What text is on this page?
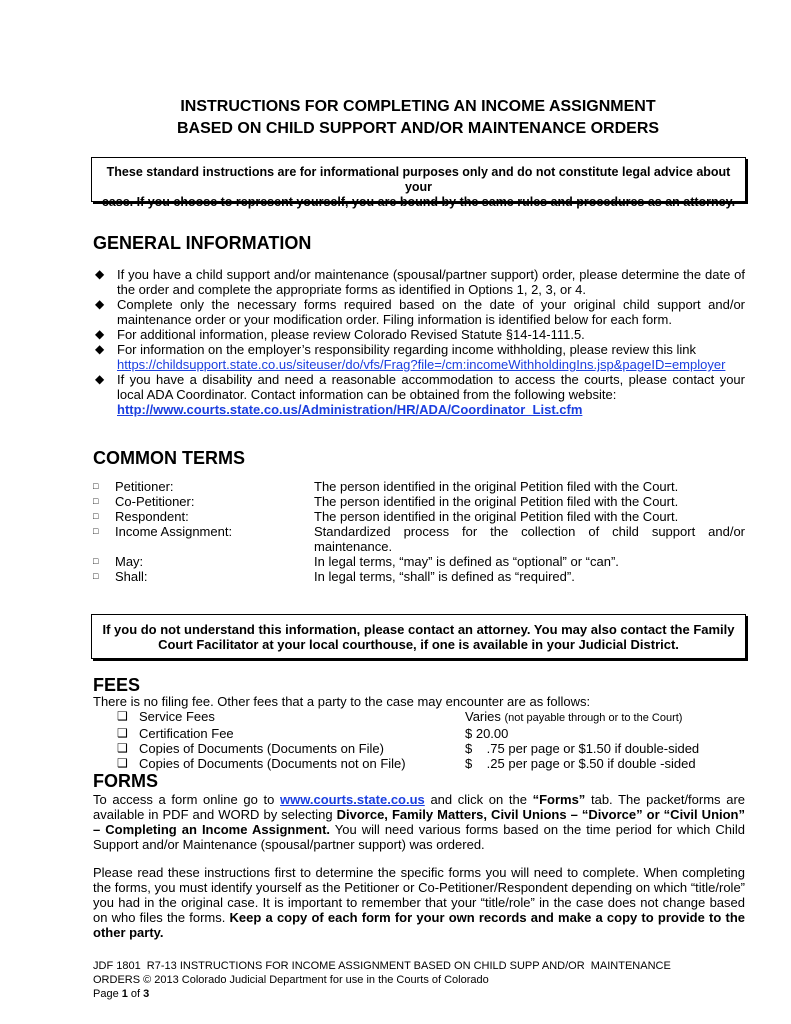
INSTRUCTIONS FOR COMPLETING AN INCOME ASSIGNMENT
BASED ON CHILD SUPPORT AND/OR MAINTENANCE ORDERS
These standard instructions are for informational purposes only and do not constitute legal advice about your
case. If you choose to represent yourself, you are bound by the same rules and procedures as an attorney.
GENERAL INFORMATION
◆ If you have a child support and/or maintenance (spousal/partner support) order, please determine the date of the order and complete the appropriate forms as identified in Options 1, 2, 3, or 4.
◆ Complete only the necessary forms required based on the date of your original child support and/or maintenance order or your modification order. Filing information is identified below for each form.
◆ For additional information, please review Colorado Revised Statute §14-14-111.5.
◆ For information on the employer’s responsibility regarding income withholding, please review this link
https://childsupport.state.co.us/siteuser/do/vfs/Frag?file=/cm:incomeWithholdingIns.jsp&pageID=employer
◆ If you have a disability and need a reasonable accommodation to access the courts, please contact your local ADA Coordinator. Contact information can be obtained from the following website:
http://www.courts.state.co.us/Administration/HR/ADA/Coordinator_List.cfm
COMMON TERMS
□	Petitioner:	The person identified in the original Petition filed with the Court.
□	Co-Petitioner:	The person identified in the original Petition filed with the Court.
□	Respondent:	The person identified in the original Petition filed with the Court.
□	Income Assignment:	Standardized process for the collection of child support and/or maintenance.
□	May:	In legal terms, “may” is defined as “optional” or “can”.
□	Shall:	In legal terms, “shall” is defined as “required”.
If you do not understand this information, please contact an attorney. You may also contact the Family
Court Facilitator at your local courthouse, if one is available in your Judicial District.
FEES
There is no filing fee. Other fees that a party to the case may encounter are as follows:
❑ Service Fees	Varies (not payable through or to the Court)
❑ Certification Fee	$ 20.00
❑ Copies of Documents (Documents on File)	$    .75 per page or $1.50 if double-sided
❑ Copies of Documents (Documents not on File)	$    .25 per page or $.50 if double -sided
FORMS
To access a form online go to www.courts.state.co.us and click on the “Forms” tab. The packet/forms are available in PDF and WORD by selecting Divorce, Family Matters, Civil Unions – “Divorce” or “Civil Union” – Completing an Income Assignment. You will need various forms based on the time period for which Child Support and/or Maintenance (spousal/partner support) was ordered.
Please read these instructions first to determine the specific forms you will need to complete. When completing the forms, you must identify yourself as the Petitioner or Co-Petitioner/Respondent depending on which “title/role” you had in the original case. It is important to remember that your “title/role” in the case does not change based on who files the forms. Keep a copy of each form for your own records and make a copy to provide to the other party.
JDF 1801  R7-13 INSTRUCTIONS FOR INCOME ASSIGNMENT BASED ON CHILD SUPP AND/OR  MAINTENANCE
ORDERS © 2013 Colorado Judicial Department for use in the Courts of Colorado
Page 1 of 3
